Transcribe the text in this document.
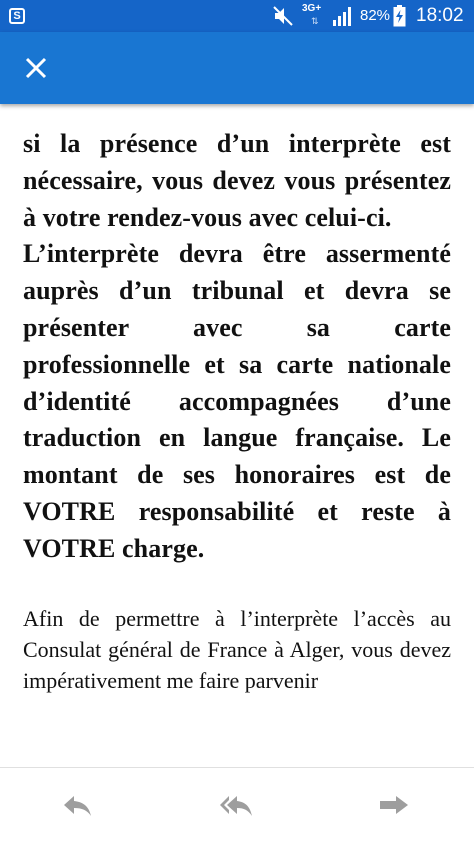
S
3G+
⇅	82% 18:02
si la présence d’un interprète est nécessaire, vous devez vous présentez à votre rendez-vous avec celui-ci.
L’interprète devra être assermenté auprès d’un tribunal et devra se présenter avec sa carte professionnelle et sa carte nationale d’identité accompagnées d’une traduction en langue française. Le montant de ses honoraires est de VOTRE responsabilité et reste à VOTRE charge.
Afin de permettre à l’interprète l’accès au Consulat général de France à Alger, vous devez impérativement me faire parvenir
